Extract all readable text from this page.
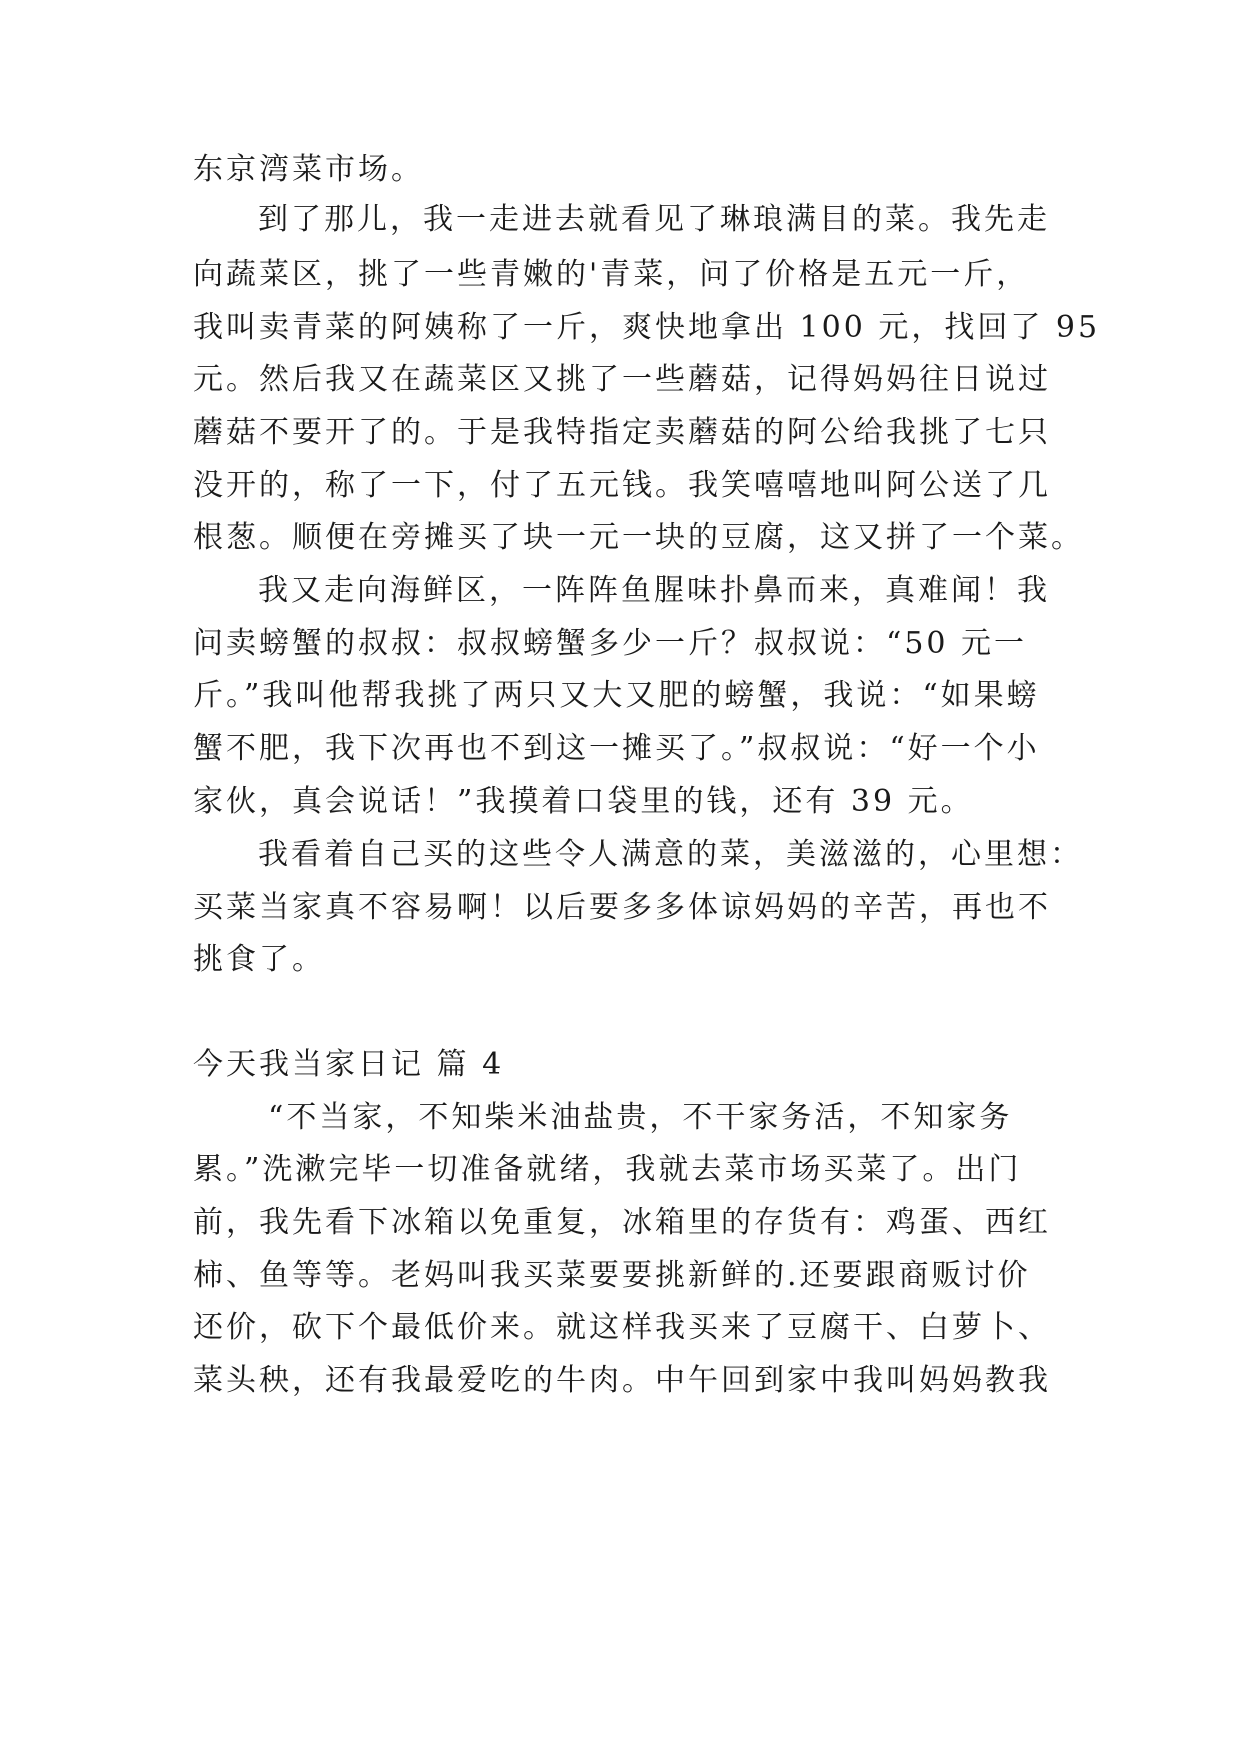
东京湾菜市场。
到了那儿，我一走进去就看见了琳琅满目的菜。我先走
向蔬菜区，挑了一些青嫩的'青菜，问了价格是五元一斤，
我叫卖青菜的阿姨称了一斤，爽快地拿出 100 元，找回了 95
元。然后我又在蔬菜区又挑了一些蘑菇，记得妈妈往日说过
蘑菇不要开了的。于是我特指定卖蘑菇的阿公给我挑了七只
没开的，称了一下，付了五元钱。我笑嘻嘻地叫阿公送了几
根葱。顺便在旁摊买了块一元一块的豆腐，这又拼了一个菜。
我又走向海鲜区，一阵阵鱼腥味扑鼻而来，真难闻！我
问卖螃蟹的叔叔：叔叔螃蟹多少一斤？叔叔说：“50 元一
斤。”我叫他帮我挑了两只又大又肥的螃蟹，我说：“如果螃
蟹不肥，我下次再也不到这一摊买了。”叔叔说：“好一个小
家伙，真会说话！”我摸着口袋里的钱，还有 39 元。
我看着自己买的这些令人满意的菜，美滋滋的，心里想：
买菜当家真不容易啊！以后要多多体谅妈妈的辛苦，再也不
挑食了。
今天我当家日记 篇 4
“不当家，不知柴米油盐贵，不干家务活，不知家务
累。”洗漱完毕一切准备就绪，我就去菜市场买菜了。出门
前，我先看下冰箱以免重复，冰箱里的存货有：鸡蛋、西红
柿、鱼等等。老妈叫我买菜要要挑新鲜的.还要跟商贩讨价
还价，砍下个最低价来。就这样我买来了豆腐干、白萝卜、
菜头秧，还有我最爱吃的牛肉。中午回到家中我叫妈妈教我
